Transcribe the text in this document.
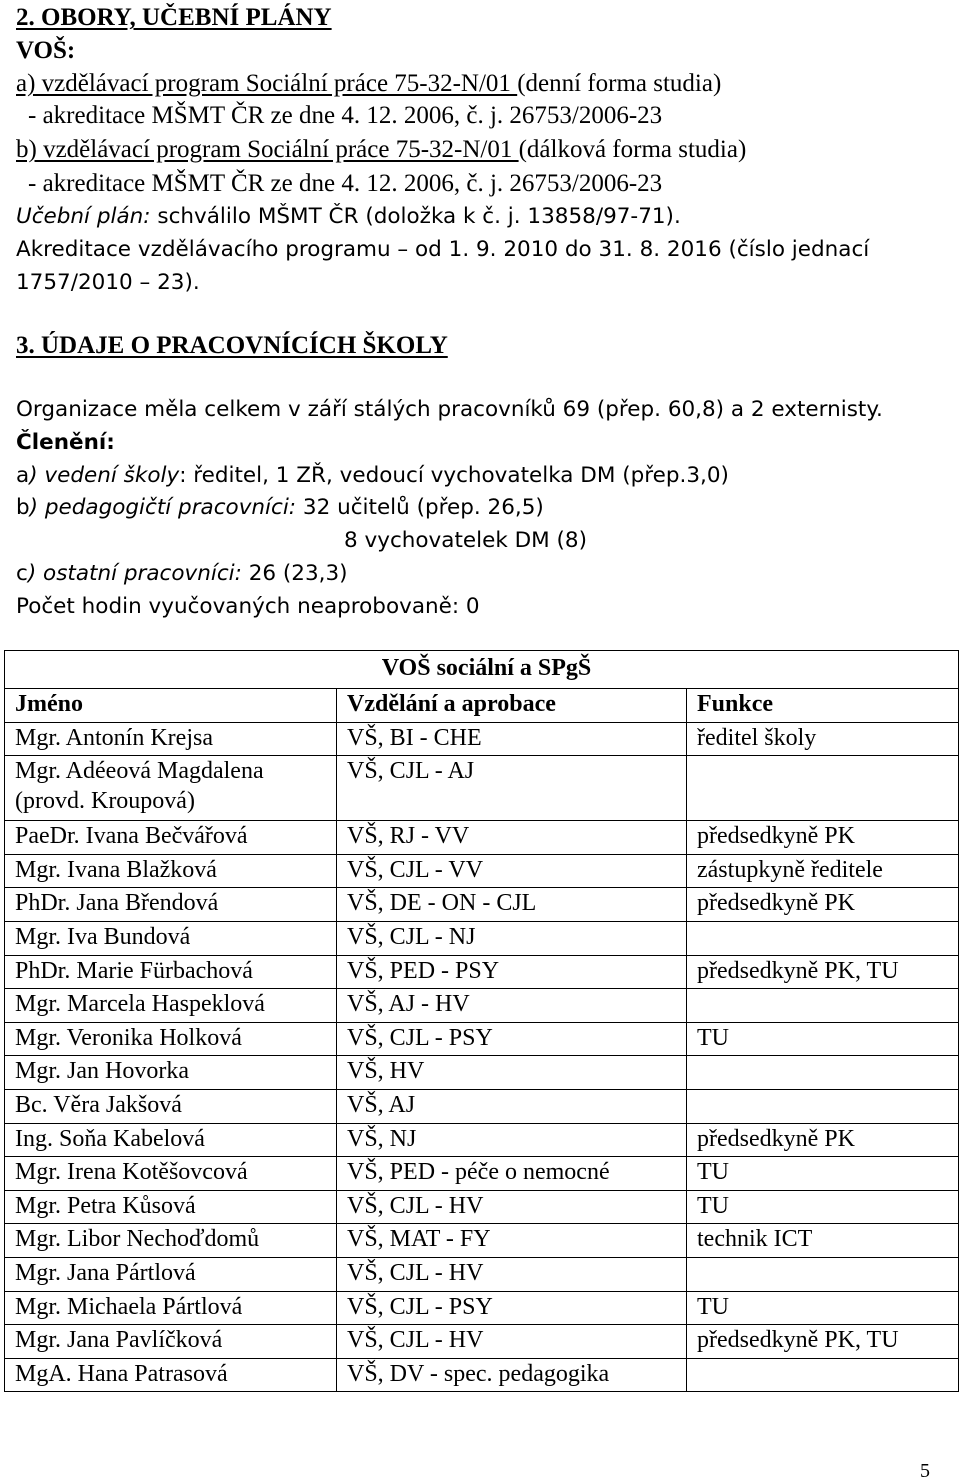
2. OBORY, UČEBNÍ PLÁNY
VOŠ:
a) vzdělávací program Sociální práce 75-32-N/01 (denní forma studia)
- akreditace MŠMT ČR ze dne 4. 12. 2006, č. j. 26753/2006-23
b) vzdělávací program Sociální práce 75-32-N/01 (dálková forma studia)
- akreditace MŠMT ČR ze dne 4. 12. 2006, č. j. 26753/2006-23
Učební plán: schválilo MŠMT ČR (doložka k č. j. 13858/97-71).
Akreditace vzdělávacího programu – od 1. 9. 2010 do 31. 8. 2016 (číslo jednací
1757/2010 – 23).
3. ÚDAJE O PRACOVNÍCÍCH ŠKOLY
Organizace měla celkem v září stálých pracovníků 69 (přep. 60,8) a 2 externisty.
Členění:
a) vedení školy: ředitel, 1 ZŘ, vedoucí vychovatelka DM (přep.3,0)
b) pedagogičtí pracovníci: 32 učitelů (přep. 26,5)
8 vychovatelek DM (8)
c) ostatní pracovníci: 26 (23,3)
Počet hodin vyučovaných neaprobovaně: 0
VOŠ sociální a SPgŠ		
Jméno	Vzdělání a aprobace	Funkce

Mgr. Antonín Krejsa	VŠ, BI - CHE	ředitel školy

Mgr. Adéeová Magdalena
(provd. Kroupová)	VŠ, CJL - AJ	

PaeDr. Ivana Bečvářová	VŠ, RJ - VV	předsedkyně PK

Mgr. Ivana Blažková	VŠ, CJL - VV	zástupkyně ředitele

PhDr. Jana Břendová	VŠ, DE - ON - CJL	předsedkyně PK

Mgr. Iva Bundová	VŠ, CJL - NJ	

PhDr. Marie Fürbachová	VŠ, PED - PSY	předsedkyně PK, TU

Mgr. Marcela Haspeklová	VŠ, AJ - HV	

Mgr. Veronika Holková	VŠ, CJL - PSY	TU

Mgr. Jan Hovorka	VŠ, HV	

Bc. Věra Jakšová	VŠ, AJ	

Ing. Soňa Kabelová	VŠ, NJ	předsedkyně PK

Mgr. Irena Kotěšovcová	VŠ, PED - péče o nemocné	TU

Mgr. Petra Kůsová	VŠ, CJL - HV	TU

Mgr. Libor Nechoďdomů	VŠ, MAT - FY	technik ICT

Mgr. Jana Pártlová	VŠ, CJL - HV	

Mgr. Michaela Pártlová	VŠ, CJL - PSY	TU

Mgr. Jana Pavlíčková	VŠ, CJL - HV	předsedkyně PK, TU

MgA. Hana Patrasová	VŠ, DV - spec. pedagogika	
5
